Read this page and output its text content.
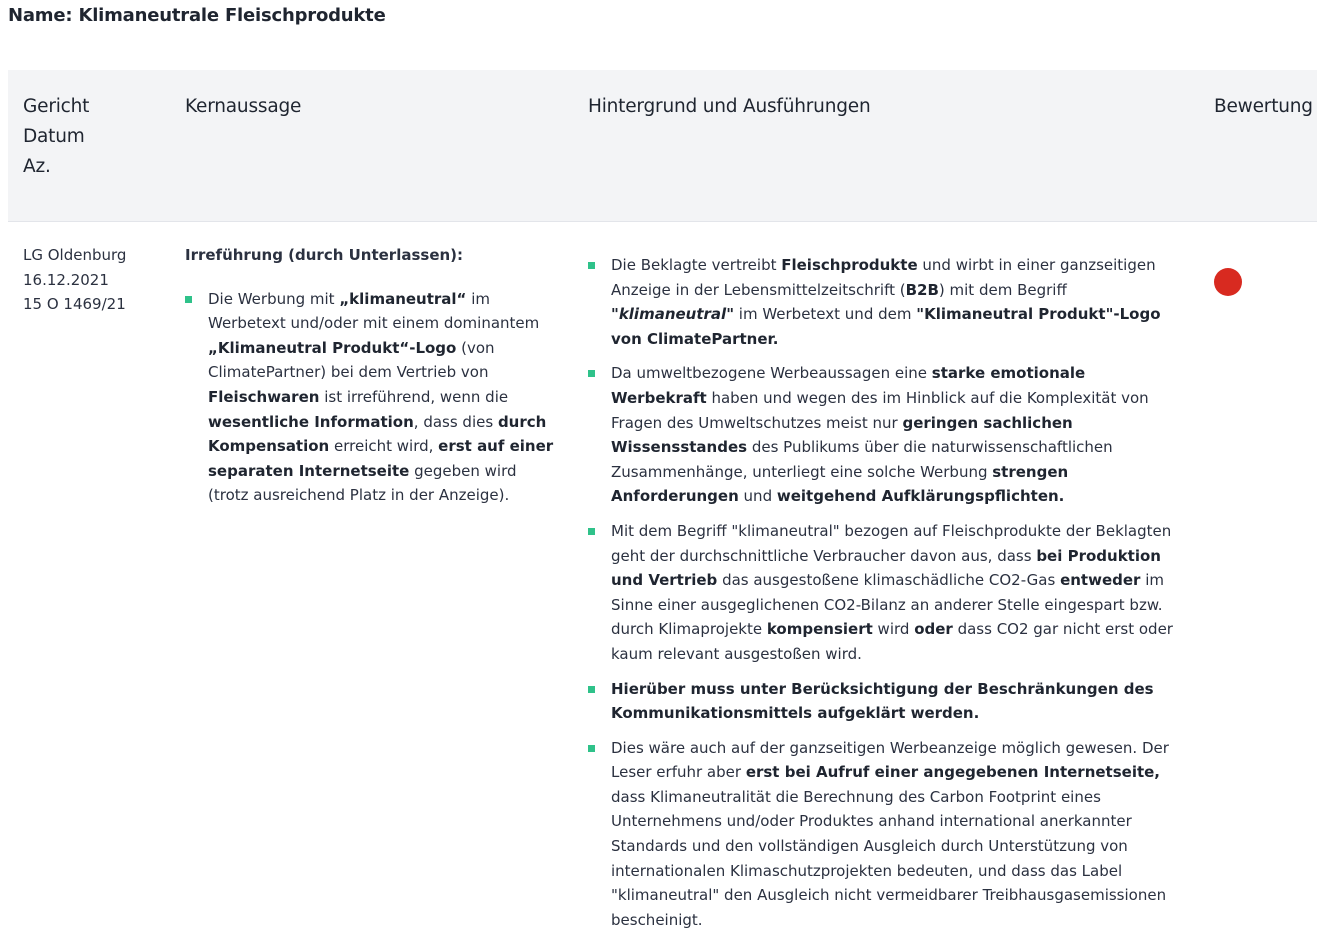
Name: Klimaneutrale Fleischprodukte
Gericht
Datum
Az.
Kernaussage	Hintergrund und Ausführungen	Bewertung
LG Oldenburg
16.12.2021
15 O 1469/21
Irreführung (durch Unterlassen):
Die Werbung mit „klimaneutral“ im Werbetext und/oder mit einem dominantem „Klimaneutral Produkt“-Logo (von ClimatePartner) bei dem Vertrieb von Fleischwaren ist irreführend, wenn die wesentliche Information, dass dies durch Kompensation erreicht wird, erst auf einer separaten Internetseite gegeben wird (trotz ausreichend Platz in der Anzeige).
Die Beklagte vertreibt Fleischprodukte und wirbt in einer ganzseitigen Anzeige in der Lebensmittelzeitschrift (B2B) mit dem Begriff "klimaneutral" im Werbetext und dem "Klimaneutral Produkt"-Logo von ClimatePartner.
Da umweltbezogene Werbeaussagen eine starke emotionale Werbekraft haben und wegen des im Hinblick auf die Komplexität von Fragen des Umweltschutzes meist nur geringen sachlichen Wissensstandes des Publikums über die naturwissenschaftlichen Zusammenhänge, unterliegt eine solche Werbung strengen Anforderungen und weitgehend Aufklärungspflichten.
Mit dem Begriff "klimaneutral" bezogen auf Fleischprodukte der Beklagten geht der durchschnittliche Verbraucher davon aus, dass bei Produktion und Vertrieb das ausgestoßene klimaschädliche CO2-Gas entweder im Sinne einer ausgeglichenen CO2-Bilanz an anderer Stelle eingespart bzw. durch Klimaprojekte kompensiert wird oder dass CO2 gar nicht erst oder kaum relevant ausgestoßen wird.
Hierüber muss unter Berücksichtigung der Beschränkungen des Kommunikationsmittels aufgeklärt werden.
Dies wäre auch auf der ganzseitigen Werbeanzeige möglich gewesen. Der Leser erfuhr aber erst bei Aufruf einer angegebenen Internetseite, dass Klimaneutralität die Berechnung des Carbon Footprint eines Unternehmens und/oder Produktes anhand international anerkannter Standards und den vollständigen Ausgleich durch Unterstützung von internationalen Klimaschutzprojekten bedeuten, und dass das Label "klimaneutral" den Ausgleich nicht vermeidbarer Treibhausgasemissionen bescheinigt.
